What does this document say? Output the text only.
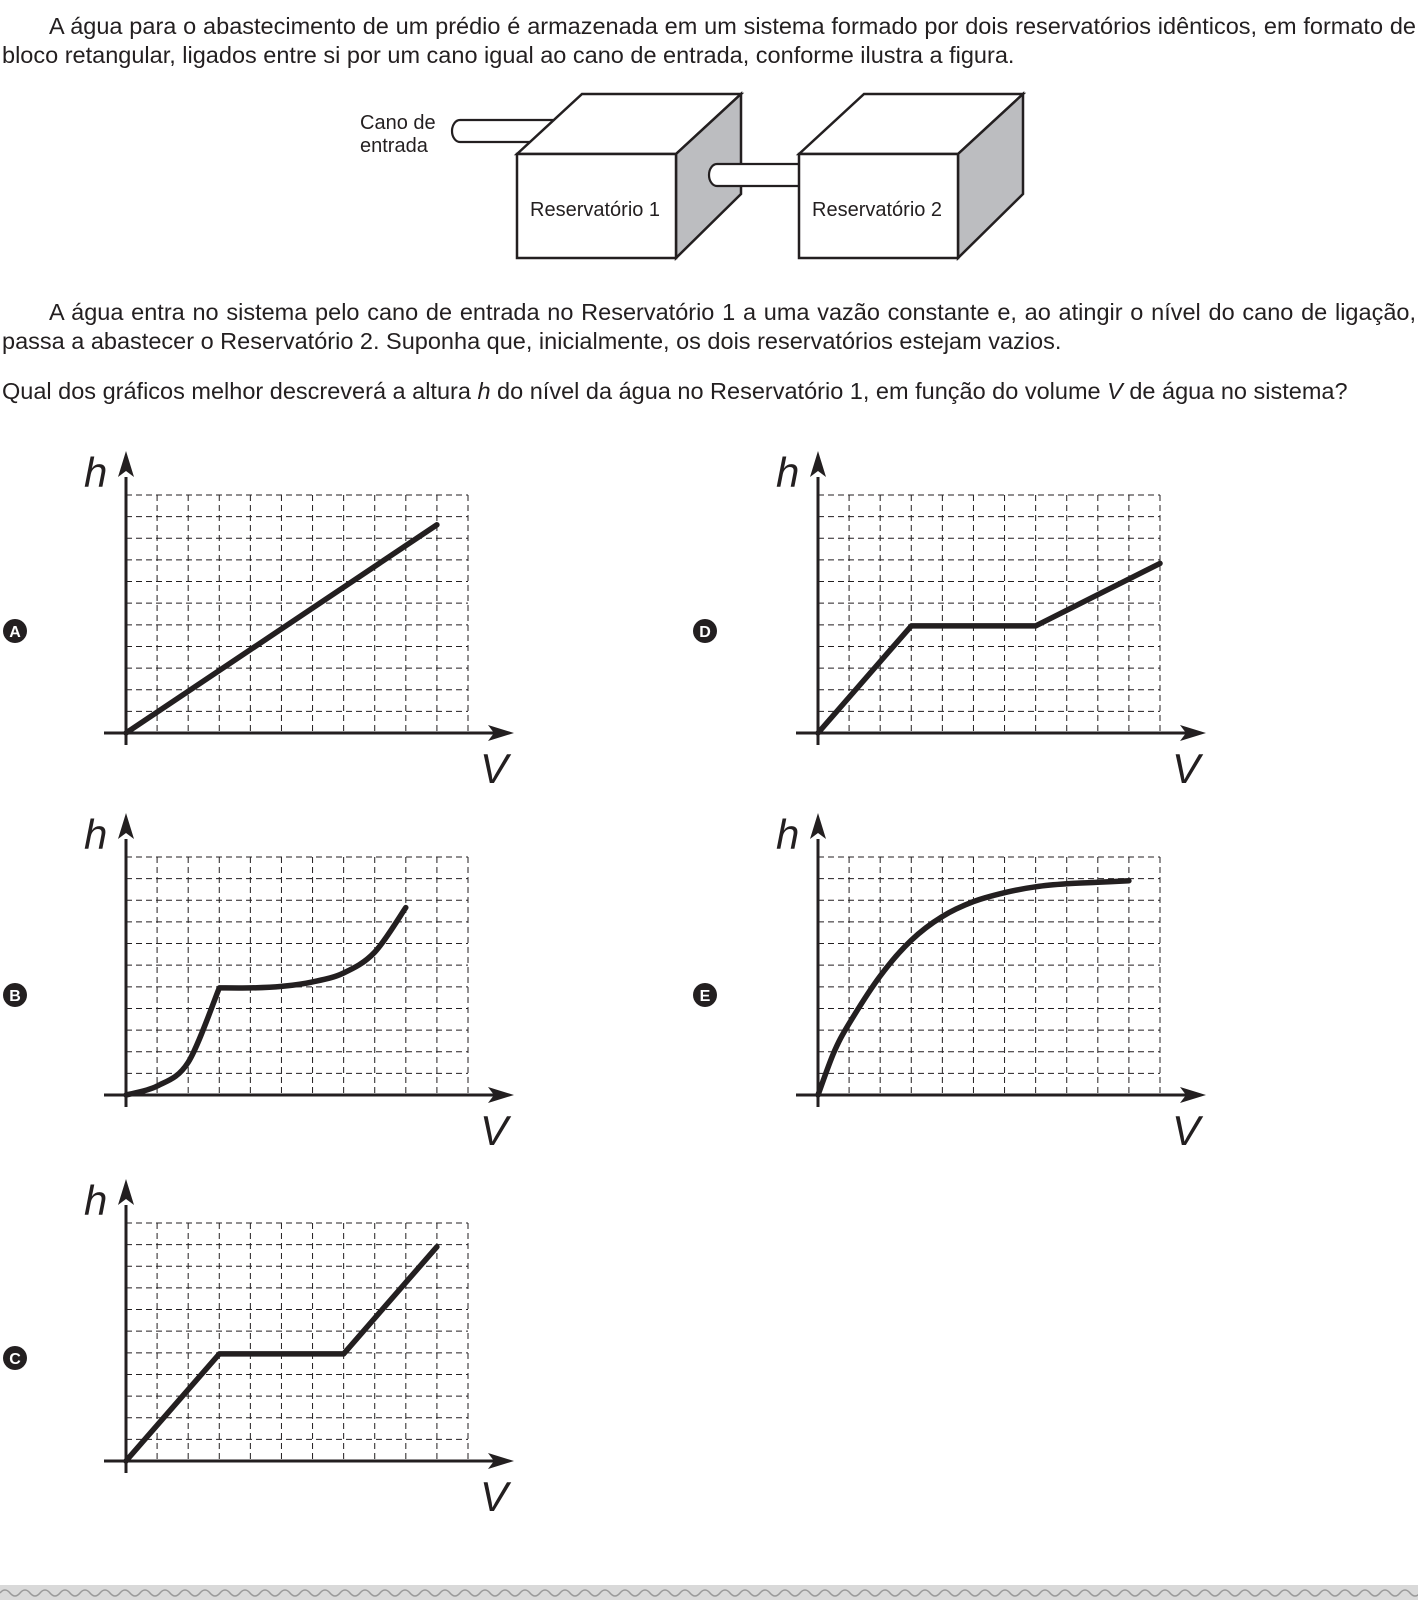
A água para o abastecimento de um prédio é armazenada em um sistema formado por dois reservatórios idênticos, em formato de bloco retangular, ligados entre si por um cano igual ao cano de entrada, conforme ilustra a figura.

Cano de
entrada
Reservatório 1	Reservatório 2

A água entra no sistema pelo cano de entrada no Reservatório 1 a uma vazão constante e, ao atingir o nível do cano de ligação, passa a abastecer o Reservatório 2. Suponha que, inicialmente, os dois reservatórios estejam vazios.

Qual dos gráficos melhor descreverá a altura h do nível da água no Reservatório 1, em função do volume V de água no sistema?

A
B
C
D
E
h
V
h
V
h
V
h
V
h
V
